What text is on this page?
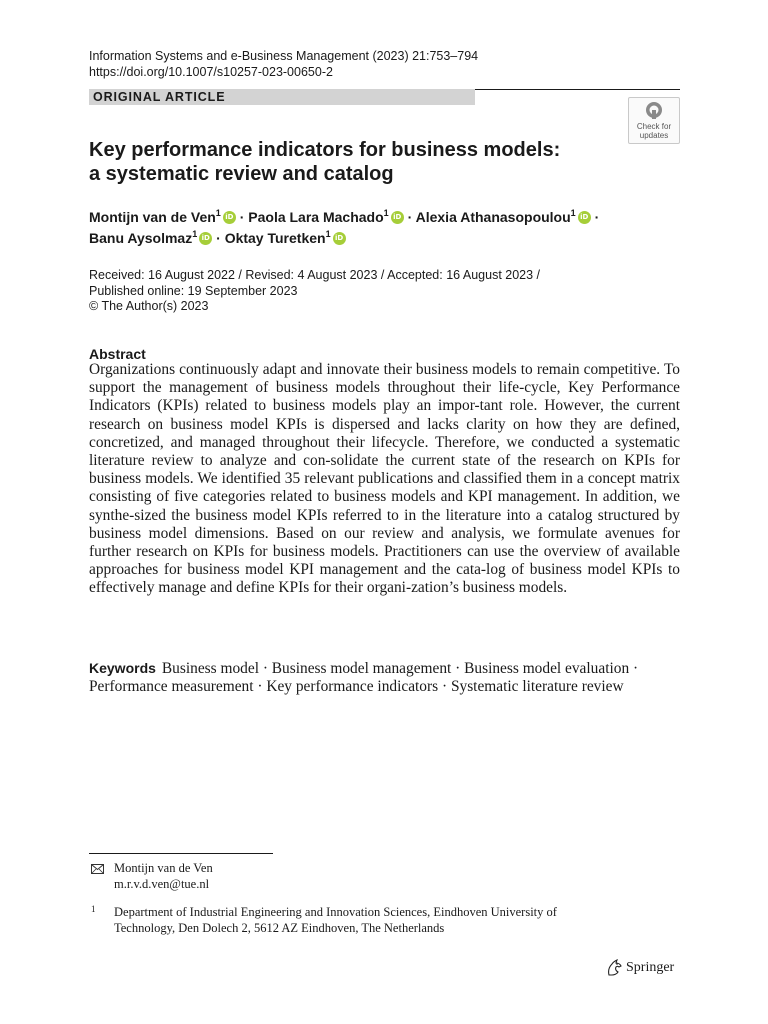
Information Systems and e-Business Management (2023) 21:753–794
https://doi.org/10.1007/s10257-023-00650-2
ORIGINAL ARTICLE
Check for
updates
Key performance indicators for business models:
a systematic review and catalog
Montijn van de Ven$^1$ iD · Paola Lara Machado$^1$ iD · Alexia Athanasopoulou$^1$iD ·
Banu Aysolmaz$^1$ iD · Oktay Turetken$^1$iD
Received: 16 August 2022 / Revised: 4 August 2023 / Accepted: 16 August 2023 /
Published online: 19 September 2023
© The Author(s) 2023
Abstract
Organizations continuously adapt and innovate their business models to remain competitive. To support the management of business models throughout their life-cycle, Key Performance Indicators (KPIs) related to business models play an impor-tant role. However, the current research on business model KPIs is dispersed and lacks clarity on how they are defined, concretized, and managed throughout their lifecycle. Therefore, we conducted a systematic literature review to analyze and con-solidate the current state of the research on KPIs for business models. We identified 35 relevant publications and classified them in a concept matrix consisting of five categories related to business models and KPI management. In addition, we synthe-sized the business model KPIs referred to in the literature into a catalog structured by business model dimensions. Based on our review and analysis, we formulate avenues for further research on KPIs for business models. Practitioners can use the overview of available approaches for business model KPI management and the cata-log of business model KPIs to effectively manage and define KPIs for their organi-zation’s business models.
Keywords Business model · Business model management · Business model evaluation · Performance measurement · Key performance indicators · Systematic literature review
Montijn van de Ven
m.r.v.d.ven@tue.nl
1 Department of Industrial Engineering and Innovation Sciences, Eindhoven University of Technology, Den Dolech 2, 5612 AZ Eindhoven, The Netherlands
Springer
